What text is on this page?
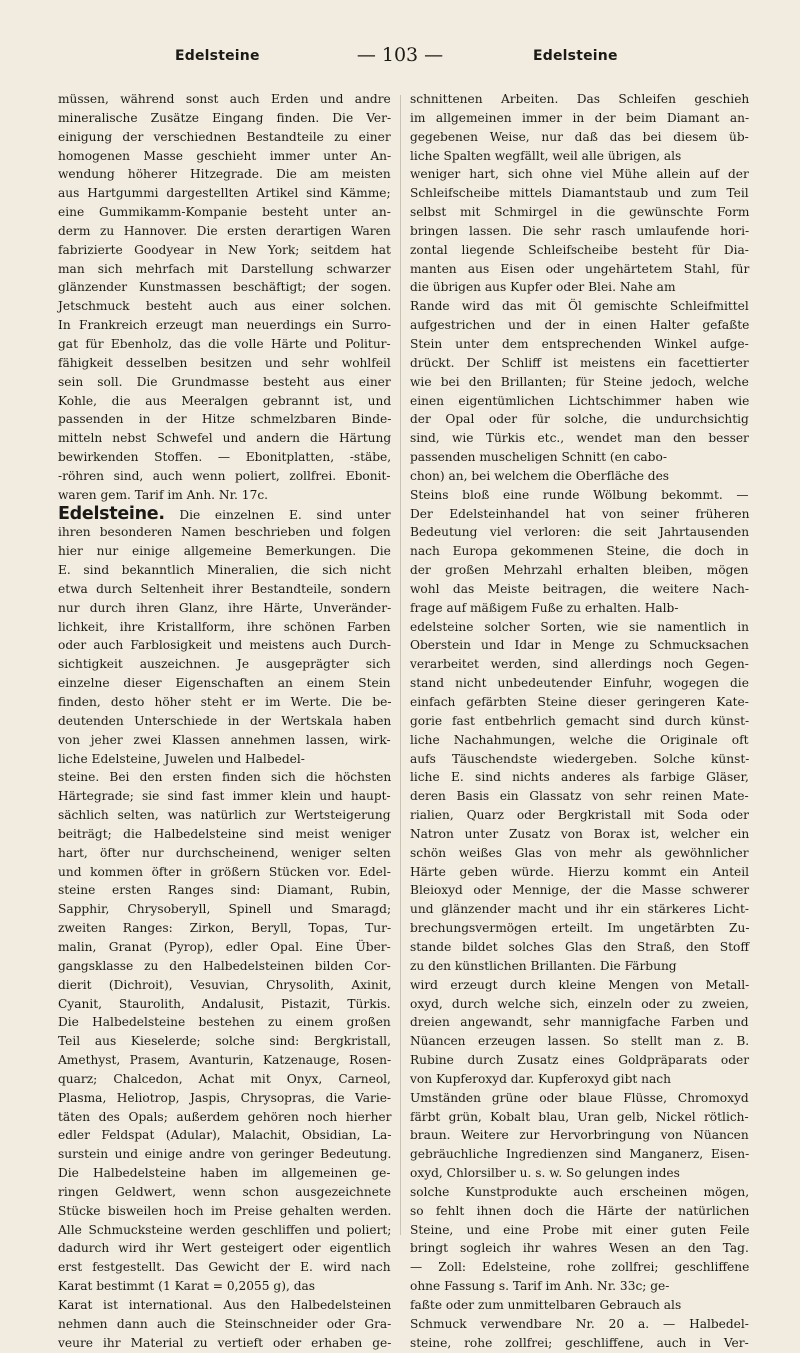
Edelsteine	— 103 —	Edelsteine
müssen, während sonst auch Erden und andre
mineralische Zusätze Eingang finden. Die Ver-
einigung der verschiednen Bestandteile zu einer
homogenen Masse geschieht immer unter An-
wendung höherer Hitzegrade. Die am meisten
aus Hartgummi dargestellten Artikel sind Kämme;
eine Gummikamm-Kompanie besteht unter an-
derm zu Hannover. Die ersten derartigen Waren
fabrizierte Goodyear in New York; seitdem hat
man sich mehrfach mit Darstellung schwarzer
glänzender Kunstmassen beschäftigt; der sogen.
Jetschmuck besteht auch aus einer solchen.
In Frankreich erzeugt man neuerdings ein Surro-
gat für Ebenholz, das die volle Härte und Politur-
fähigkeit desselben besitzen und sehr wohlfeil
sein soll. Die Grundmasse besteht aus einer
Kohle, die aus Meeralgen gebrannt ist, und
passenden in der Hitze schmelzbaren Binde-
mitteln nebst Schwefel und andern die Härtung
bewirkenden Stoffen. — Ebonitplatten, -stäbe,
-röhren sind, auch wenn poliert, zollfrei. Ebonit-
waren gem. Tarif im Anh. Nr. 17c.
Edelsteine. Die einzelnen E. sind unter
ihren besonderen Namen beschrieben und folgen
hier nur einige allgemeine Bemerkungen. Die
E. sind bekanntlich Mineralien, die sich nicht
etwa durch Seltenheit ihrer Bestandteile, sondern
nur durch ihren Glanz, ihre Härte, Unveränder-
lichkeit, ihre Kristallform, ihre schönen Farben
oder auch Farblosigkeit und meistens auch Durch-
sichtigkeit auszeichnen. Je ausgeprägter sich
einzelne dieser Eigenschaften an einem Stein
finden, desto höher steht er im Werte. Die be-
deutenden Unterschiede in der Wertskala haben
von jeher zwei Klassen annehmen lassen, wirk-
liche Edelsteine, Juwelen und Halbedel-
steine. Bei den ersten finden sich die höchsten
Härtegrade; sie sind fast immer klein und haupt-
sächlich selten, was natürlich zur Wertsteigerung
beiträgt; die Halbedelsteine sind meist weniger
hart, öfter nur durchscheinend, weniger selten
und kommen öfter in größern Stücken vor. Edel-
steine ersten Ranges sind: Diamant, Rubin,
Sapphir, Chrysoberyll, Spinell und Smaragd;
zweiten Ranges: Zirkon, Beryll, Topas, Tur-
malin, Granat (Pyrop), edler Opal. Eine Über-
gangsklasse zu den Halbedelsteinen bilden Cor-
dierit (Dichroit), Vesuvian, Chrysolith, Axinit,
Cyanit, Staurolith, Andalusit, Pistazit, Türkis.
Die Halbedelsteine bestehen zu einem großen
Teil aus Kieselerde; solche sind: Bergkristall,
Amethyst, Prasem, Avanturin, Katzenauge, Rosen-
quarz; Chalcedon, Achat mit Onyx, Carneol,
Plasma, Heliotrop, Jaspis, Chrysopras, die Varie-
täten des Opals; außerdem gehören noch hierher
edler Feldspat (Adular), Malachit, Obsidian, La-
surstein und einige andre von geringer Bedeutung.
Die Halbedelsteine haben im allgemeinen ge-
ringen Geldwert, wenn schon ausgezeichnete
Stücke bisweilen hoch im Preise gehalten werden.
Alle Schmucksteine werden geschliffen und poliert;
dadurch wird ihr Wert gesteigert oder eigentlich
erst festgestellt. Das Gewicht der E. wird nach
Karat bestimmt (1 Karat = 0,2055 g), das
Karat ist international. Aus den Halbedelsteinen
nehmen dann auch die Steinschneider oder Gra-
veure ihr Material zu vertieft oder erhaben ge-
schnittenen Arbeiten. Das Schleifen geschieh
im allgemeinen immer in der beim Diamant an-
gegebenen Weise, nur daß das bei diesem üb-
liche Spalten wegfällt, weil alle übrigen, als
weniger hart, sich ohne viel Mühe allein auf der
Schleifscheibe mittels Diamantstaub und zum Teil
selbst mit Schmirgel in die gewünschte Form
bringen lassen. Die sehr rasch umlaufende hori-
zontal liegende Schleifscheibe besteht für Dia-
manten aus Eisen oder ungehärtetem Stahl, für
die übrigen aus Kupfer oder Blei. Nahe am
Rande wird das mit Öl gemischte Schleifmittel
aufgestrichen und der in einen Halter gefaßte
Stein unter dem entsprechenden Winkel aufge-
drückt. Der Schliff ist meistens ein facettierter
wie bei den Brillanten; für Steine jedoch, welche
einen eigentümlichen Lichtschimmer haben wie
der Opal oder für solche, die undurchsichtig
sind, wie Türkis etc., wendet man den besser
passenden muscheligen Schnitt (en cabo-
chon) an, bei welchem die Oberfläche des
Steins bloß eine runde Wölbung bekommt. —
Der Edelsteinhandel hat von seiner früheren
Bedeutung viel verloren: die seit Jahrtausenden
nach Europa gekommenen Steine, die doch in
der großen Mehrzahl erhalten bleiben, mögen
wohl das Meiste beitragen, die weitere Nach-
frage auf mäßigem Fuße zu erhalten. Halb-
edelsteine solcher Sorten, wie sie namentlich in
Oberstein und Idar in Menge zu Schmucksachen
verarbeitet werden, sind allerdings noch Gegen-
stand nicht unbedeutender Einfuhr, wogegen die
einfach gefärbten Steine dieser geringeren Kate-
gorie fast entbehrlich gemacht sind durch künst-
liche Nachahmungen, welche die Originale oft
aufs Täuschendste wiedergeben. Solche künst-
liche E. sind nichts anderes als farbige Gläser,
deren Basis ein Glassatz von sehr reinen Mate-
rialien, Quarz oder Bergkristall mit Soda oder
Natron unter Zusatz von Borax ist, welcher ein
schön weißes Glas von mehr als gewöhnlicher
Härte geben würde. Hierzu kommt ein Anteil
Bleioxyd oder Mennige, der die Masse schwerer
und glänzender macht und ihr ein stärkeres Licht-
brechungsvermögen erteilt. Im ungetärbten Zu-
stande bildet solches Glas den Straß, den Stoff
zu den künstlichen Brillanten. Die Färbung
wird erzeugt durch kleine Mengen von Metall-
oxyd, durch welche sich, einzeln oder zu zweien,
dreien angewandt, sehr mannigfache Farben und
Nüancen erzeugen lassen. So stellt man z. B.
Rubine durch Zusatz eines Goldpräparats oder
von Kupferoxyd dar. Kupferoxyd gibt nach
Umständen grüne oder blaue Flüsse, Chromoxyd
färbt grün, Kobalt blau, Uran gelb, Nickel rötlich-
braun. Weitere zur Hervorbringung von Nüancen
gebräuchliche Ingredienzen sind Manganerz, Eisen-
oxyd, Chlorsilber u. s. w. So gelungen indes
solche Kunstprodukte auch erscheinen mögen,
so fehlt ihnen doch die Härte der natürlichen
Steine, und eine Probe mit einer guten Feile
bringt sogleich ihr wahres Wesen an den Tag.
— Zoll: Edelsteine, rohe zollfrei; geschliffene
ohne Fassung s. Tarif im Anh. Nr. 33c; ge-
faßte oder zum unmittelbaren Gebrauch als
Schmuck verwendbare Nr. 20 a. — Halbedel-
steine, rohe zollfrei; geschliffene, auch in Ver-
